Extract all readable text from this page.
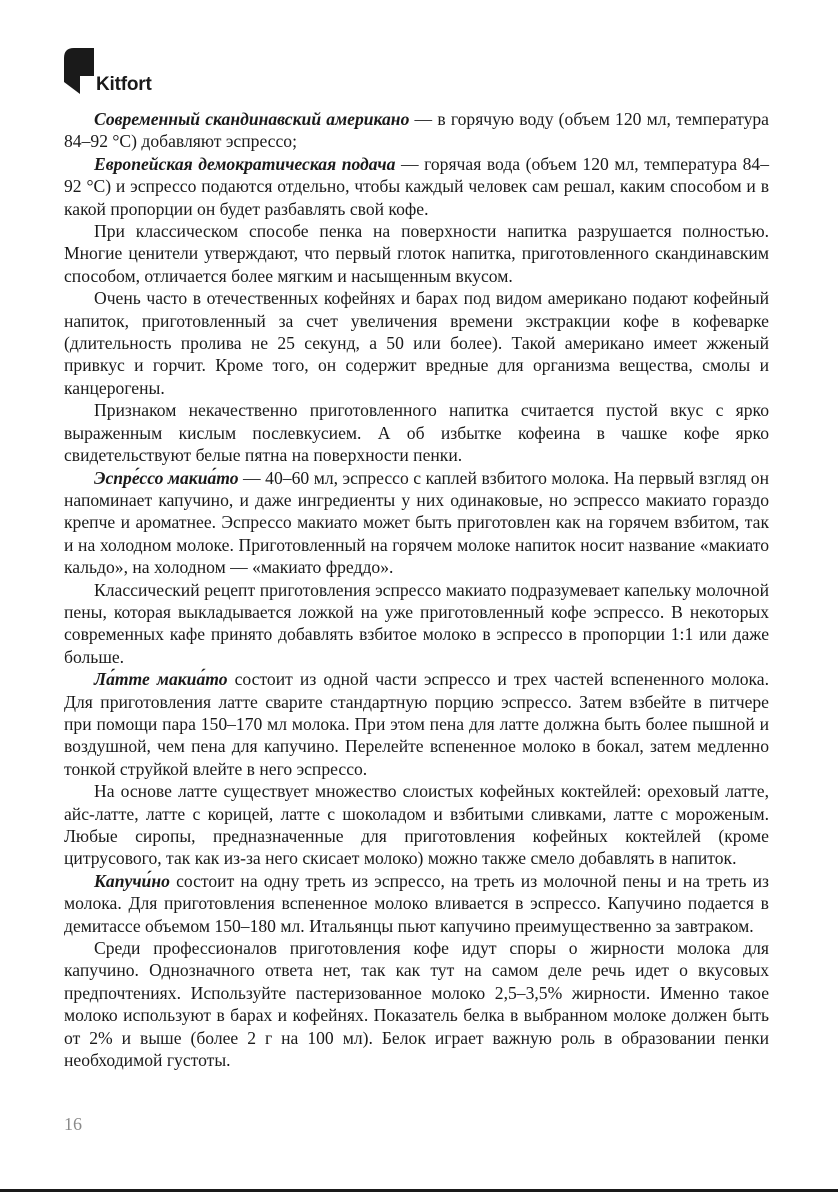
Kitfort

Современный скандинавский американо — в горячую воду (объем 120 мл, температура 84–92 °С) добавляют эспрессо;

Европейская демократическая подача — горячая вода (объем 120 мл, температура 84–92 °С) и эспрессо подаются отдельно, чтобы каждый человек сам решал, каким способом и в какой пропорции он будет разбавлять свой кофе.

При классическом способе пенка на поверхности напитка разрушается полностью. Многие ценители утверждают, что первый глоток напитка, приготовленного скандинавским способом, отличается более мягким и насыщенным вкусом.

Очень часто в отечественных кофейнях и барах под видом американо подают кофейный напиток, приготовленный за счет увеличения времени экстракции кофе в кофеварке (длительность пролива не 25 секунд, а 50 или более). Такой американо имеет жженый привкус и горчит. Кроме того, он содержит вредные для организма вещества, смолы и канцерогены.

Признаком некачественно приготовленного напитка считается пустой вкус с ярко выраженным кислым послевкусием. А об избытке кофеина в чашке кофе ярко свидетельствуют белые пятна на поверхности пенки.

Эспре́ссо макиа́то — 40–60 мл, эспрессо с каплей взбитого молока. На первый взгляд он напоминает капучино, и даже ингредиенты у них одинаковые, но эспрессо макиато гораздо крепче и ароматнее. Эспрессо макиато может быть приготовлен как на горячем взбитом, так и на холодном молоке. Приготовленный на горячем молоке напиток носит название «макиато кальдо», на холодном — «макиато фреддо».

Классический рецепт приготовления эспрессо макиато подразумевает капельку молочной пены, которая выкладывается ложкой на уже приготовленный кофе эспрессо. В некоторых современных кафе принято добавлять взбитое молоко в эспрессо в пропорции 1:1 или даже больше.

Ла́тте макиа́то состоит из одной части эспрессо и трех частей вспененного молока. Для приготовления латте сварите стандартную порцию эспрессо. Затем взбейте в питчере при помощи пара 150–170 мл молока. При этом пена для латте должна быть более пышной и воздушной, чем пена для капучино. Перелейте вспененное молоко в бокал, затем медленно тонкой струйкой влейте в него эспрессо.

На основе латте существует множество слоистых кофейных коктейлей: ореховый латте, айс-латте, латте с корицей, латте с шоколадом и взбитыми сливками, латте с мороженым. Любые сиропы, предназначенные для приготовления кофейных коктейлей (кроме цитрусового, так как из-за него скисает молоко) можно также смело добавлять в напиток.

Капучи́но состоит на одну треть из эспрессо, на треть из молочной пены и на треть из молока. Для приготовления вспененное молоко вливается в эспрессо. Капучино подается в демитассе объемом 150–180 мл. Итальянцы пьют капучино преимущественно за завтраком.

Среди профессионалов приготовления кофе идут споры о жирности молока для капучино. Однозначного ответа нет, так как тут на самом деле речь идет о вкусовых предпочтениях. Используйте пастеризованное молоко 2,5–3,5% жирности. Именно такое молоко используют в барах и кофейнях. Показатель белка в выбранном молоке должен быть от 2% и выше (более 2 г на 100 мл). Белок играет важную роль в образовании пенки необходимой густоты.

16
